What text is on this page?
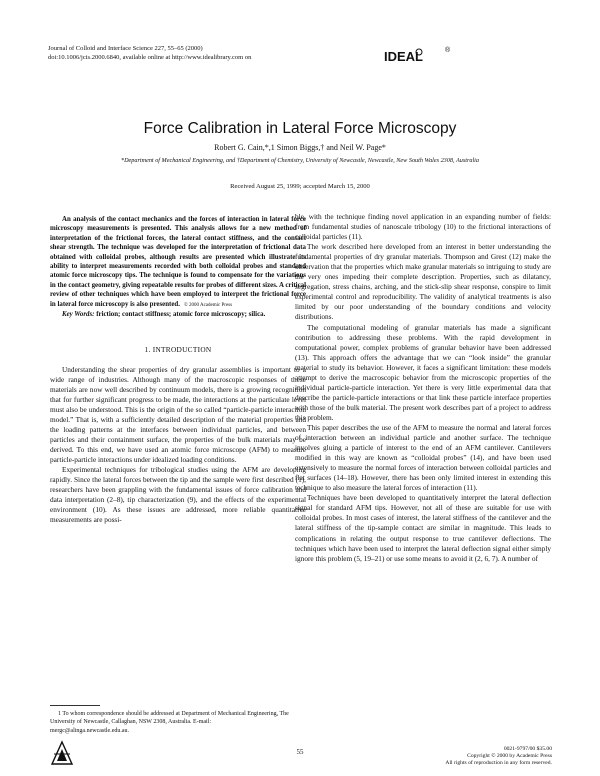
Journal of Colloid and Interface Science 227, 55–65 (2000)
doi:10.1006/jcis.2000.6840, available online at http://www.idealibrary.com on	IDEAL	®
Force Calibration in Lateral Force Microscopy
Robert G. Cain,*,1 Simon Biggs,† and Neil W. Page*
*Department of Mechanical Engineering, and †Department of Chemistry, University of Newcastle, Newcastle, New South Wales 2308, Australia
Received August 25, 1999; accepted March 15, 2000

An analysis of the contact mechanics and the forces of interaction in lateral force microscopy measurements is presented. This analysis allows for a new method of interpretation of the frictional forces, the lateral contact stiffness, and the contact shear strength. The technique was developed for the interpretation of frictional data obtained with colloidal probes, although results are presented which illustrate its ability to interpret measurements recorded with both colloidal probes and standard atomic force microscopy tips. The technique is found to compensate for the variations in the contact geometry, giving repeatable results for probes of different sizes. A critical review of other techniques which have been employed to interpret the frictional force in lateral force microscopy is also presented. © 2000 Academic Press

Key Words: friction; contact stiffness; atomic force microscopy; silica.

1. INTRODUCTION

Understanding the shear properties of dry granular assemblies is important to a wide range of industries. Although many of the macroscopic responses of these materials are now well described by continuum models, there is a growing recognition that for further significant progress to be made, the interactions at the particulate level must also be understood. This is the origin of the so called “particle-particle interaction model.” That is, with a sufficiently detailed description of the material properties and the loading patterns at the interfaces between individual particles, and between particles and their containment surface, the properties of the bulk materials may be derived. To this end, we have used an atomic force microscope (AFM) to measure particle-particle interactions under idealized loading conditions.

Experimental techniques for tribological studies using the AFM are developing rapidly. Since the lateral forces between the tip and the sample were first described (1), researchers have been grappling with the fundamental issues of force calibration and data interpretation (2–8), tip characterization (9), and the effects of the experimental environment (10). As these issues are addressed, more reliable quantitative measurements are possi-

ble, with the technique finding novel application in an expanding number of fields: from fundamental studies of nanoscale tribology (10) to the frictional interactions of colloidal particles (11).

The work described here developed from an interest in better understanding the fundamental properties of dry granular materials. Thompson and Grest (12) make the observation that the properties which make granular materials so intriguing to study are the very ones impeding their complete description. Properties, such as dilatancy, segregation, stress chains, arching, and the stick-slip shear response, conspire to limit experimental control and reproducibility. The validity of analytical treatments is also limited by our poor understanding of the boundary conditions and velocity distributions.

The computational modeling of granular materials has made a significant contribution to addressing these problems. With the rapid development in computational power, complex problems of granular behavior have been addressed (13). This approach offers the advantage that we can “look inside” the granular material to study its behavior. However, it faces a significant limitation: these models attempt to derive the macroscopic behavior from the microscopic properties of the individual particle-particle interaction. Yet there is very little experimental data that describe the particle-particle interactions or that link these particle interface properties with those of the bulk material. The present work describes part of a project to address this problem.

This paper describes the use of the AFM to measure the normal and lateral forces of interaction between an individual particle and another surface. The technique involves gluing a particle of interest to the end of an AFM cantilever. Cantilevers modified in this way are known as “colloidal probes” (14), and have been used extensively to measure the normal forces of interaction between colloidal particles and flat surfaces (14–18). However, there has been only limited interest in extending this technique to also measure the lateral forces of interaction (11).

Techniques have been developed to quantitatively interpret the lateral deflection signal for standard AFM tips. However, not all of these are suitable for use with colloidal probes. In most cases of interest, the lateral stiffness of the cantilever and the lateral stiffness of the tip-sample contact are similar in magnitude. This leads to complications in relating the output response to true cantilever deflections. The techniques which have been used to interpret the lateral deflection signal either simply ignore this problem (5, 19–21) or use some means to avoid it (2, 6, 7). A number of

1 To whom correspondence should be addressed at Department of Mechanical Engineering, The University of Newcastle, Callaghan, NSW 2308, Australia. E-mail: mergc@alinga.newcastle.edu.au.
55	0021-9797/00 $35.00
Copyright © 2000 by Academic Press
All rights of reproduction in any form reserved.
